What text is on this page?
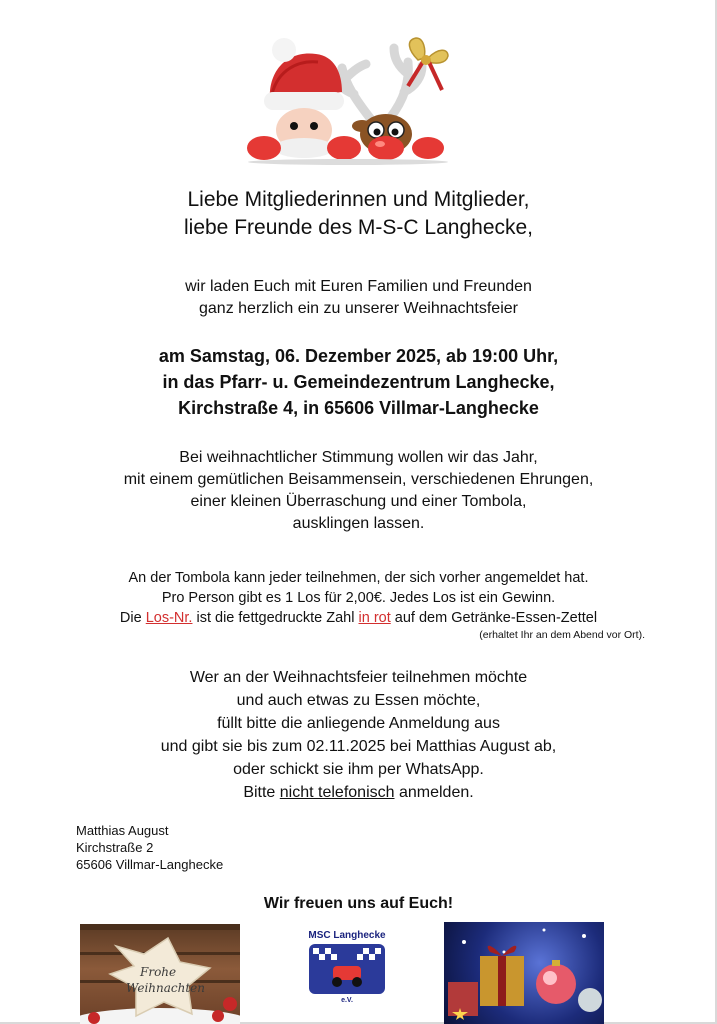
Liebe Mitgliederinnen und Mitglieder,
liebe Freunde des M-S-C Langhecke,
wir laden Euch mit Euren Familien und Freunden
ganz herzlich ein zu unserer Weihnachtsfeier
am Samstag, 06. Dezember 2025, ab 19:00 Uhr,
in das Pfarr- u. Gemeindezentrum Langhecke,
Kirchstraße 4, in 65606 Villmar-Langhecke
Bei weihnachtlicher Stimmung wollen wir das Jahr,
mit einem gemütlichen Beisammensein, verschiedenen Ehrungen,
einer kleinen Überraschung und einer Tombola,
ausklingen lassen.
An der Tombola kann jeder teilnehmen, der sich vorher angemeldet hat.
Pro Person gibt es 1 Los für 2,00€. Jedes Los ist ein Gewinn.
Die Los-Nr. ist die fettgedruckte Zahl in rot auf dem Getränke-Essen-Zettel
(erhaltet Ihr an dem Abend vor Ort).
Wer an der Weihnachtsfeier teilnehmen möchte
und auch etwas zu Essen möchte,
füllt bitte die anliegende Anmeldung aus
und gibt sie bis zum 02.11.2025 bei Matthias August ab,
oder schickt sie ihm per WhatsApp.
Bitte nicht telefonisch anmelden.
Matthias August
Kirchstraße 2
65606 Villmar-Langhecke
Wir freuen uns auf Euch!
Frohe
Weihnachten
MSC Langhecke
e.V.
